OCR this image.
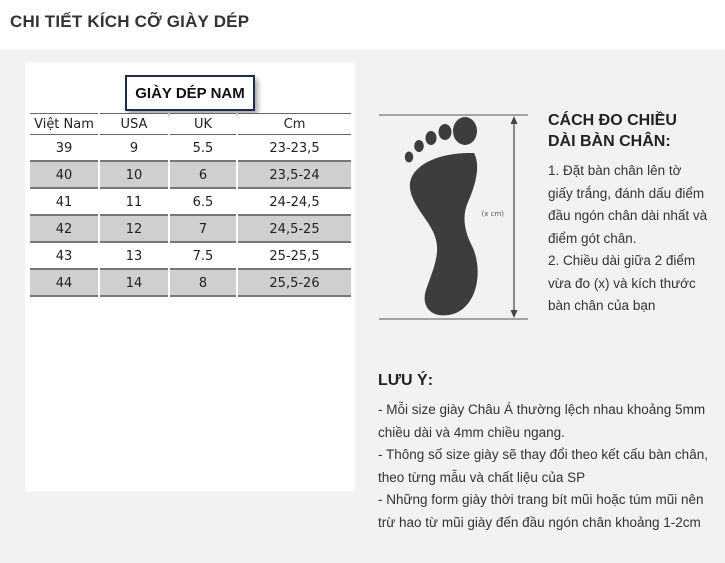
CHI TIẾT KÍCH CỠ GIÀY DÉP
GIÀY DÉP NAM
Việt Nam	USA	UK	Cm
39	9	5.5	23-23,5
40	10	6	23,5-24
41	11	6.5	24-24,5
42	12	7	24,5-25
43	13	7.5	25-25,5
44	14	8	25,5-26
(x cm)
CÁCH ĐO CHIỀU
DÀI BÀN CHÂN:
1. Đặt bàn chân lên tờ giấy trắng, đánh dấu điểm đầu ngón chân dài nhất và điểm gót chân.
2. Chiều dài giữa 2 điểm vừa đo (x) và kích thước bàn chân của bạn
LƯU Ý:
- Mỗi size giày Châu Á thường lệch nhau khoảng 5mm chiều dài và 4mm chiều ngang.
- Thông số size giày sẽ thay đổi theo kết cấu bàn chân, theo từng mẫu và chất liệu của SP
- Những form giày thời trang bít mũi hoặc túm mũi nên trừ hao từ mũi giày đến đầu ngón chân khoảng 1-2cm
